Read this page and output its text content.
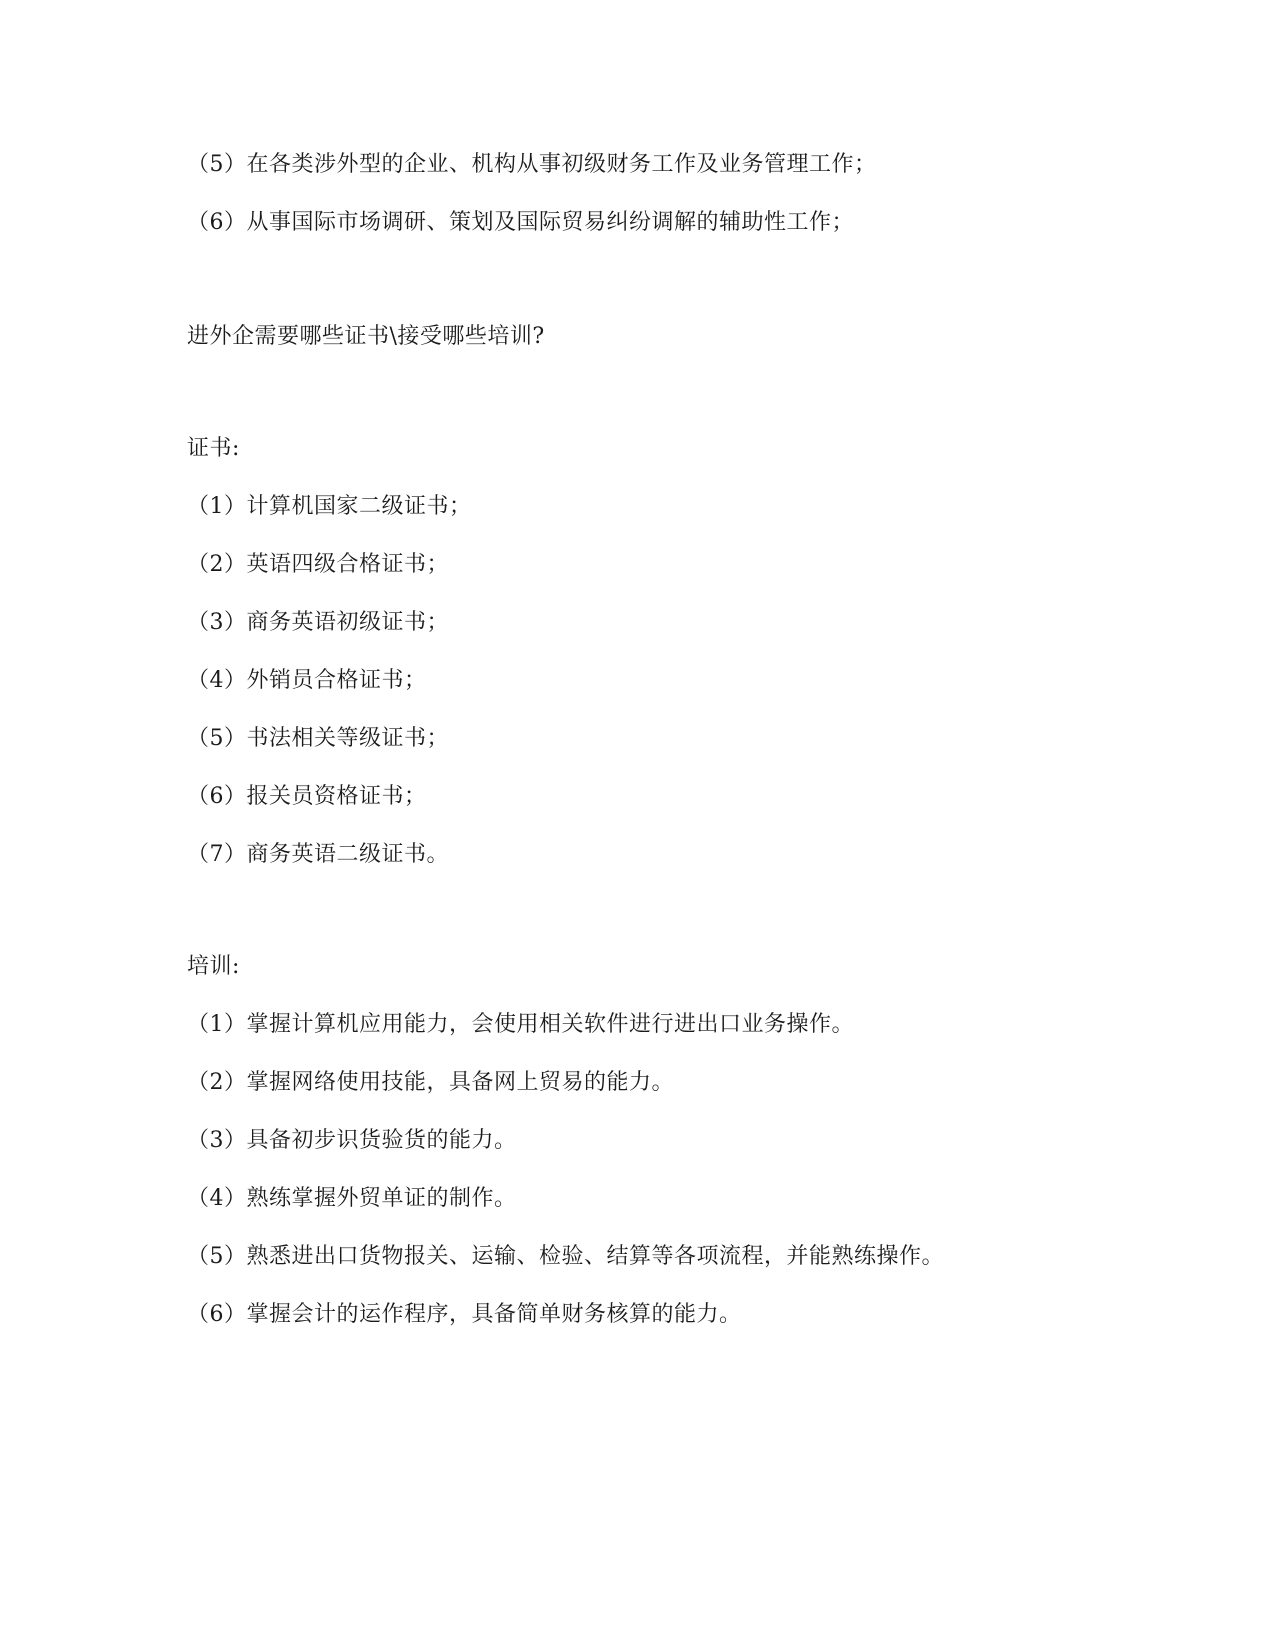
（5）在各类涉外型的企业、机构从事初级财务工作及业务管理工作；
（6）从事国际市场调研、策划及国际贸易纠纷调解的辅助性工作；
进外企需要哪些证书\接受哪些培训?
证书:
（1）计算机国家二级证书；
（2）英语四级合格证书；
（3）商务英语初级证书；
（4）外销员合格证书；
（5）书法相关等级证书；
（6）报关员资格证书；
（7）商务英语二级证书。
培训:
（1）掌握计算机应用能力，会使用相关软件进行进出口业务操作。
（2）掌握网络使用技能，具备网上贸易的能力。
（3）具备初步识货验货的能力。
（4）熟练掌握外贸单证的制作。
（5）熟悉进出口货物报关、运输、检验、结算等各项流程，并能熟练操作。
（6）掌握会计的运作程序，具备简单财务核算的能力。
